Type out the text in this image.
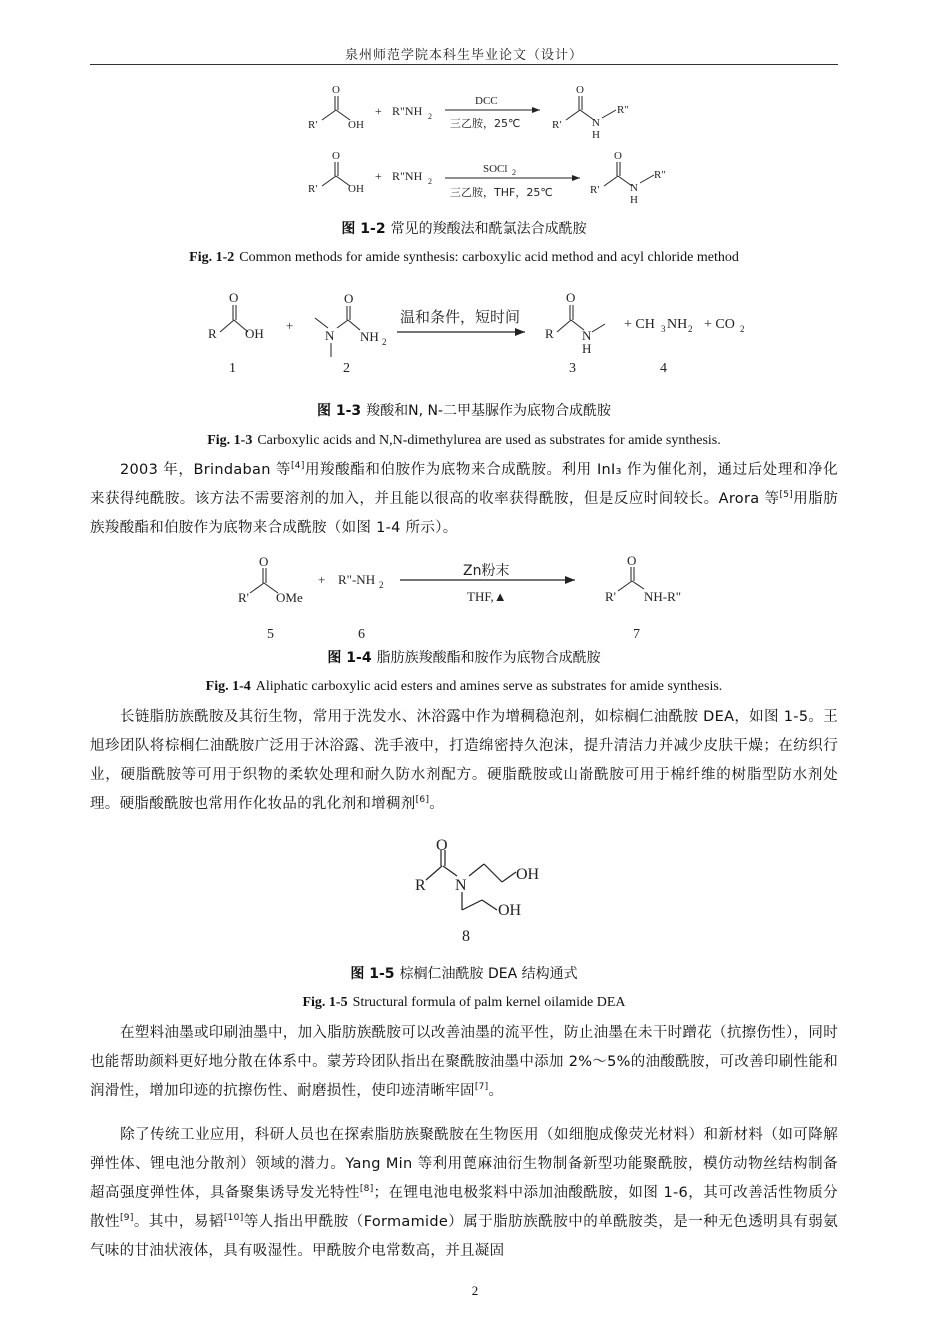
泉州师范学院本科生毕业论文（设计）
O
R'	OH
+ R"NH 2
DCC
三乙胺，25℃
O
R'	N
R"
H
O
R'	OH
+ R"NH 2
SOCl 2
三乙胺，THF，25℃
O
R'	N
R"
H
图 1-2 常见的羧酸法和酰氯法合成酰胺
Fig. 1-2 Common methods for amide synthesis: carboxylic acid method and acyl chloride method
O
R OH
+
N
O
NH 2
温和条件，短时间
O
R N
H
+ CH 3 NH 2 + CO 2
1	2	3	4
图 1-3 羧酸和N, N-二甲基脲作为底物合成酰胺
Fig. 1-3 Carboxylic acids and N,N-dimethylurea are used as substrates for amide synthesis.
2003 年，Brindaban 等[4]用羧酸酯和伯胺作为底物来合成酰胺。利用 InI₃ 作为催化剂，通过后处理和净化来获得纯酰胺。该方法不需要溶剂的加入，并且能以很高的收率获得酰胺，但是反应时间较长。Arora 等[5]用脂肪族羧酸酯和伯胺作为底物来合成酰胺（如图 1-4 所示）。
O
R' OMe
+ R"-NH 2
Zn粉末
THF,▲
O
R' NH-R"
5	6	7
图 1-4 脂肪族羧酸酯和胺作为底物合成酰胺
Fig. 1-4 Aliphatic carboxylic acid esters and amines serve as substrates for amide synthesis.
长链脂肪族酰胺及其衍生物，常用于洗发水、沐浴露中作为增稠稳泡剂，如棕榈仁油酰胺 DEA，如图 1-5。王旭珍团队将棕榈仁油酰胺广泛用于沐浴露、洗手液中，打造绵密持久泡沫，提升清洁力并减少皮肤干燥；在纺织行业，硬脂酰胺等可用于织物的柔软处理和耐久防水剂配方。硬脂酰胺或山嵛酰胺可用于棉纤维的树脂型防水剂处理。硬脂酸酰胺也常用作化妆品的乳化剂和增稠剂[6]。
O
R N
OH
OH
8
图 1-5 棕榈仁油酰胺 DEA 结构通式
Fig. 1-5 Structural formula of palm kernel oilamide DEA
在塑料油墨或印刷油墨中，加入脂肪族酰胺可以改善油墨的流平性，防止油墨在未干时蹭花（抗擦伤性），同时也能帮助颜料更好地分散在体系中。蒙芳玲团队指出在聚酰胺油墨中添加 2%～5%的油酸酰胺，可改善印刷性能和润滑性，增加印迹的抗擦伤性、耐磨损性，使印迹清晰牢固[7]。
除了传统工业应用，科研人员也在探索脂肪族聚酰胺在生物医用（如细胞成像荧光材料）和新材料（如可降解弹性体、锂电池分散剂）领域的潜力。Yang Min 等利用蓖麻油衍生物制备新型功能聚酰胺，模仿动物丝结构制备超高强度弹性体，具备聚集诱导发光特性[8]；在锂电池电极浆料中添加油酸酰胺，如图 1-6，其可改善活性物质分散性[9]。其中，易韬[10]等人指出甲酰胺（Formamide）属于脂肪族酰胺中的单酰胺类，是一种无色透明具有弱氨气味的甘油状液体，具有吸湿性。甲酰胺介电常数高，并且凝固
2
